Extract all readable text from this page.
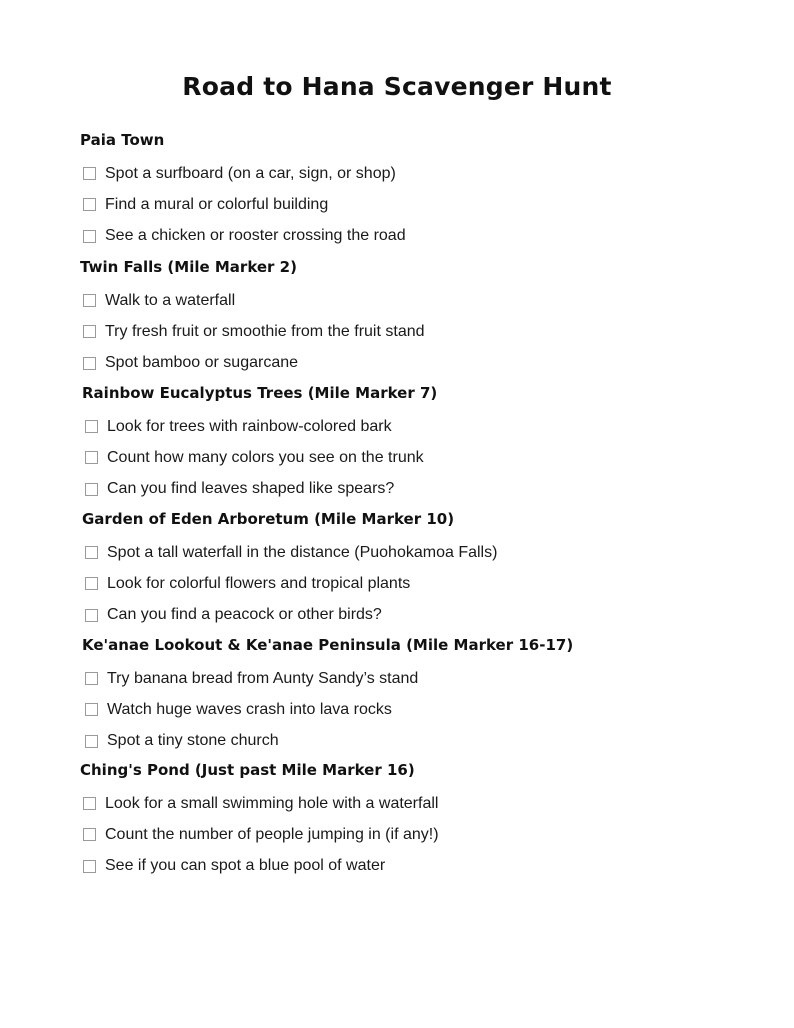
Road to Hana Scavenger Hunt
Paia Town
Spot a surfboard (on a car, sign, or shop)
Find a mural or colorful building
See a chicken or rooster crossing the road
Twin Falls (Mile Marker 2)
Walk to a waterfall
Try fresh fruit or smoothie from the fruit stand
Spot bamboo or sugarcane
Rainbow Eucalyptus Trees (Mile Marker 7)
Look for trees with rainbow-colored bark
Count how many colors you see on the trunk
Can you find leaves shaped like spears?
Garden of Eden Arboretum (Mile Marker 10)
Spot a tall waterfall in the distance (Puohokamoa Falls)
Look for colorful flowers and tropical plants
Can you find a peacock or other birds?
Ke'anae Lookout & Ke'anae Peninsula (Mile Marker 16-17)
Try banana bread from Aunty Sandy’s stand
Watch huge waves crash into lava rocks
Spot a tiny stone church
Ching's Pond (Just past Mile Marker 16)
Look for a small swimming hole with a waterfall
Count the number of people jumping in (if any!)
See if you can spot a blue pool of water
